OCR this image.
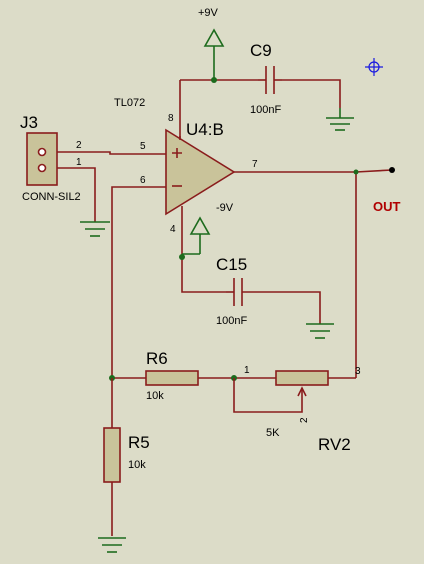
+9V
C9
100nF
TL072
J3
CONN-SIL2
2
1
U4:B
5
6
7
8
4
OUT
-9V
C15
100nF
R6
10k
1
2
3
5K
RV2
R5
10k
